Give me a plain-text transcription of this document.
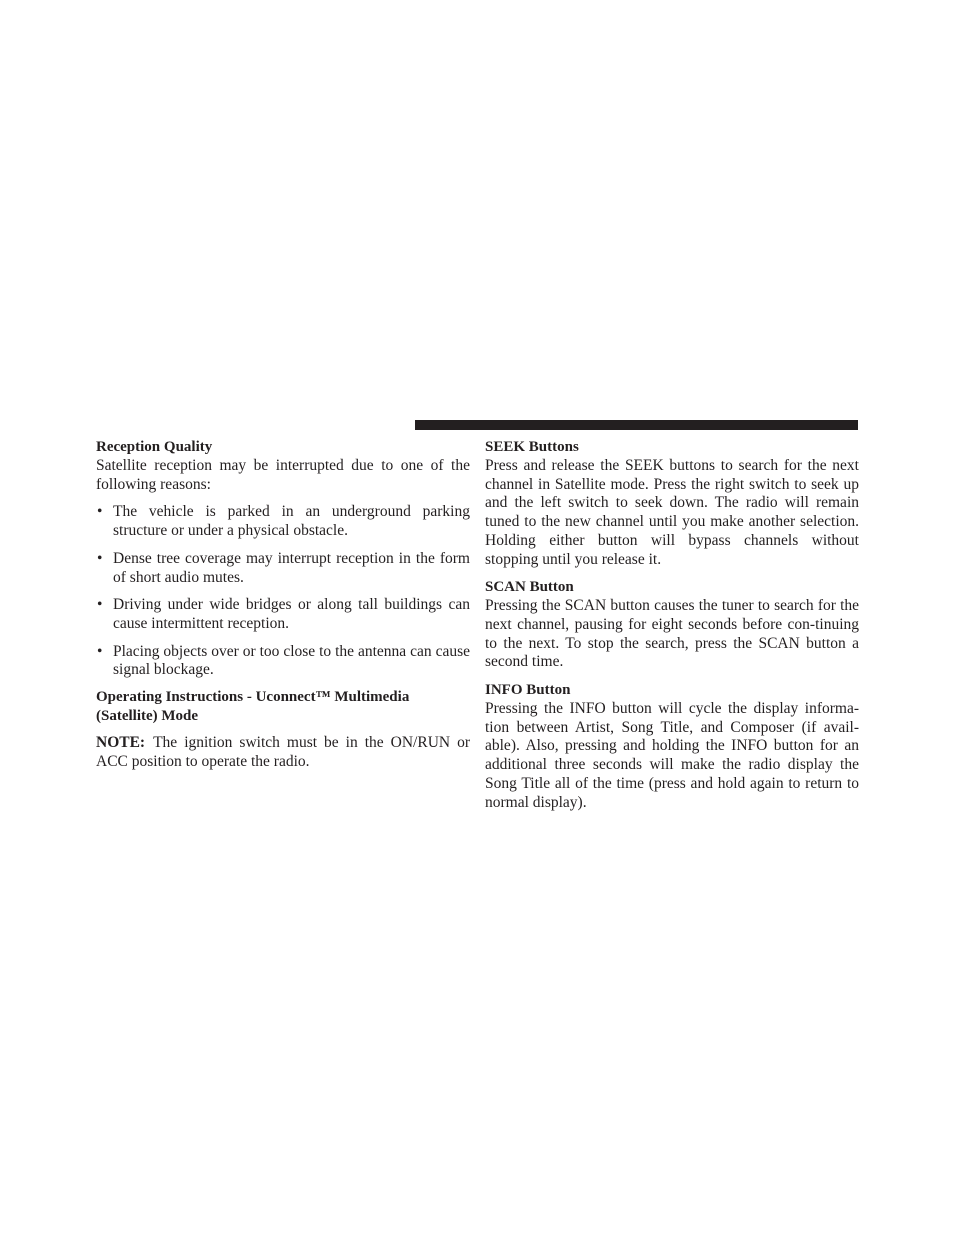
Reception Quality

Satellite reception may be interrupted due to one of the following reasons:

• The vehicle is parked in an underground parking structure or under a physical obstacle.
• Dense tree coverage may interrupt reception in the form of short audio mutes.
• Driving under wide bridges or along tall buildings can cause intermittent reception.
• Placing objects over or too close to the antenna can cause signal blockage.
Operating Instructions - Uconnect™ Multimedia (Satellite) Mode

NOTE: The ignition switch must be in the ON/RUN or ACC position to operate the radio.

SEEK Buttons

Press and release the SEEK buttons to search for the next channel in Satellite mode. Press the right switch to seek up and the left switch to seek down. The radio will remain tuned to the new channel until you make another selection. Holding either button will bypass channels without stopping until you release it.

SCAN Button

Pressing the SCAN button causes the tuner to search for the next channel, pausing for eight seconds before con-tinuing to the next. To stop the search, press the SCAN button a second time.

INFO Button

Pressing the INFO button will cycle the display informa-tion between Artist, Song Title, and Composer (if avail-able). Also, pressing and holding the INFO button for an additional three seconds will make the radio display the Song Title all of the time (press and hold again to return to normal display).
